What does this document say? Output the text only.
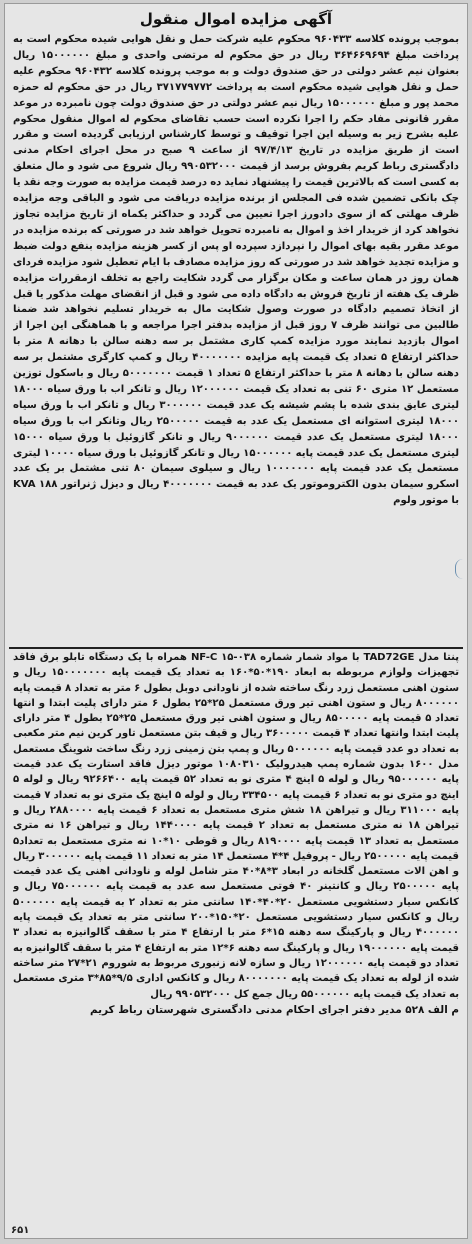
آگهی مزایده اموال منقول

بموجب پرونده کلاسه ۹۶۰۴۳۳ محکوم علیه شرکت حمل و نقل هوایی شیده محکوم است به پرداخت مبلغ ۳۶۴۶۶۹۶۹۴ ریال در حق محکوم له مرتضی واحدی و مبلغ ۱۵۰۰۰۰۰۰ ریال بعنوان نیم عشر دولتی در حق صندوق دولت و به موجب پرونده کلاسه ۹۶۰۴۳۲ محکوم علیه حمل و نقل هوایی شیده محکوم است به پرداخت ۳۷۱۷۷۹۷۷۲ ریال در حق محکوم له حمزه محمد پور و مبلغ ۱۵۰۰۰۰۰۰ ریال نیم عشر دولتی در حق صندوق دولت چون نامبرده در موعد مقرر قانونی مفاد حکم را اجرا نکرده است حسب تقاضای محکوم له اموال منقول محکوم علیه بشرح زیر به وسیله این اجرا توقیف و توسط کارشناس ارزیابی گردیده است و مقرر است از طریق مزایده در تاریخ ۹۷/۴/۱۳ از ساعت ۹ صبح در محل اجرای احکام مدنی دادگستری رباط کریم بفروش برسد از قیمت ۹۹۰۵۳۲۰۰۰ ریال شروع می شود و مال متعلق به کسی است که بالاترین قیمت را پیشنهاد نماید ده درصد قیمت مزایده به صورت وجه نقد یا چک بانکی تضمین شده فی المجلس از برنده مزایده دریافت می شود و الباقی وجه مزایده ظرف مهلتی که از سوی دادورز اجرا تعیین می گردد و حداکثر یکماه از تاریخ مزایده تجاوز نخواهد کرد از خریدار اخذ و اموال به نامبرده تحویل خواهد شد در صورتی که برنده مزایده در موعد مقرر بقیه بهای اموال را نپردازد سپرده او پس از کسر هزینه مزایده بنفع دولت ضبط و مزایده تجدید خواهد شد در صورتی که روز مزایده مصادف با ایام تعطیل شود مزایده فردای همان روز در همان ساعت و مکان برگزار می گردد شکایت راجع به تخلف ازمقررات مزایده ظرف یک هفته از تاریخ فروش به دادگاه داده می شود و قبل از انقضای مهلت مذکور یا قبل از اتخاذ تصمیم دادگاه در صورت وصول شکایت مال به خریدار تسلیم نخواهد شد ضمنا طالبین می توانند ظرف ۷ روز قبل از مزایده بدفتر اجرا مراجعه و با هماهنگی این اجرا از اموال بازدید نمایند مورد مزایده کمپ کاری مشتمل بر سه دهنه سالن با دهانه ۸ متر با حداکثر ارتفاع ۵ تعداد یک قیمت پایه مزایده ۴۰۰۰۰۰۰۰ ریال و کمپ کارگری مشتمل بر سه دهنه سالن با دهانه ۸ متر با حداکثر ارتفاع ۵ تعداد ۱ قیمت ۵۰۰۰۰۰۰۰ ریال و باسکول توزین مستعمل ۱۲ متری ۶۰ تنی به تعداد یک قیمت ۱۲۰۰۰۰۰۰ ریال و تانکر اب با ورق سیاه ۱۸۰۰۰ لیتری عایق بندی شده با پشم شیشه یک عدد قیمت ۳۰۰۰۰۰۰ ریال و تانکر اب با ورق سیاه ۱۸۰۰۰ لیتری استوانه ای مستعمل یک عدد به قیمت ۲۵۰۰۰۰۰ ریال وتانکر اب با ورق سیاه ۱۸۰۰۰ لیتری مستعمل یک عدد قیمت ۹۰۰۰۰۰۰ ریال و تانکر گازوئیل با ورق سیاه ۱۵۰۰۰ لیتری مستعمل یک عدد قیمت پایه ۱۵۰۰۰۰۰۰ ریال و تانکر گازوئیل با ورق سیاه ۱۰۰۰۰ لیتری مستعمل یک عدد قیمت پایه ۱۰۰۰۰۰۰۰ ریال و سیلوی سیمان ۸۰ تنی مشتمل بر یک عدد اسکرو سیمان بدون الکتروموتور یک عدد به قیمت ۴۰۰۰۰۰۰۰ ریال و دیزل ژنراتور KVA ۱۸۸ با موتور ولوم

پنتا مدل TAD72GE با مواد شمار شماره ۰۳۸-NF-C ۱۵ همراه با یک دستگاه تابلو برق فاقد تجهیزات ولوازم مربوطه به ابعاد ۱۹۰*۵۰*۱۶۰ به تعداد یک قیمت پایه ۱۵۰۰۰۰۰۰۰ ریال و ستون اهنی مستعمل زرد رنگ ساخته شده از ناودانی دوبل بطول ۶ متر به تعداد ۸ قیمت پایه ۸۰۰۰۰۰۰ ریال و ستون اهنی تیر ورق مستعمل ۲۵*۲۵ بطول ۶ متر دارای پلیت ابتدا و انتها تعداد ۵ قیمت پایه ۸۵۰۰۰۰۰ ریال و ستون اهنی تیر ورق مستعمل ۲۵*۲۵ بطول ۴ متر دارای پلیت ابتدا وانتها تعداد ۴ قیمت ۳۶۰۰۰۰۰ ریال و قیف بتن مستعمل تاور کرین نیم متر مکعبی به تعداد دو عدد قیمت پایه ۵۰۰۰۰۰۰ ریال و پمپ بتن زمینی زرد رنگ ساخت شوینگ مستعمل مدل ۱۶۰۰ بدون شماره پمپ هیدرولیک ۱۰۸۰۳۱۰ موتور دیزل فاقد استارت یک عدد قیمت پایه ۹۵۰۰۰۰۰۰ ریال و لوله ۵ اینچ ۴ متری نو به تعداد ۵۲ قیمت پایه ۹۲۶۶۴۰۰ ریال و لوله ۵ اینچ دو متری نو به تعداد ۶ قیمت پایه ۳۳۴۵۰۰ ریال و لوله ۵ اینچ یک متری نو به تعداد ۷ قیمت پایه ۳۱۱۰۰۰ ریال و تیراهن ۱۸ شش متری مستعمل به تعداد ۶ قیمت پایه ۲۸۸۰۰۰۰ ریال و تیراهن ۱۸ نه متری مستعمل به تعداد ۲ قیمت پایه ۱۴۴۰۰۰۰ ریال و تیراهن ۱۶ نه متری مستعمل به تعداد ۱۳ قیمت پایه ۸۱۹۰۰۰۰ ریال و قوطی ۱۰*۱۰ نه متری مستعمل به تعداد۵ قیمت پایه ۲۵۰۰۰۰۰ ریال - پروفیل ۴*۴ مستعمل ۱۴ متر به تعداد ۱۱ قیمت پایه ۳۰۰۰۰۰۰ ریال و اهن الات مستعمل گلخانه در ابعاد ۳*۸*۴۰ متر شامل لوله و ناودانی اهنی یک عدد قیمت پایه ۲۵۰۰۰۰۰ ریال و کانتینر ۴۰ فوتی مستعمل سه عدد به قیمت پایه ۷۵۰۰۰۰۰۰ ریال و کانکس سیار دستشویی مستعمل ۲۰*۴۰*۱۴۰ سانتی متر به تعداد ۲ به قیمت پایه ۵۰۰۰۰۰۰ ریال و کانکس سیار دستشویی مستعمل ۲۰*۱۵۰*۲۰۰ سانتی متر به تعداد یک قیمت پایه ۴۰۰۰۰۰۰ ریال و پارکینگ سه دهنه ۱۵*۶ متر با ارتفاع ۴ متر با سقف گالوانیزه به تعداد ۳ قیمت پایه ۱۹۰۰۰۰۰۰ ریال و پارکینگ سه دهنه ۶*۱۲ متر به ارتفاع ۴ متر با سقف گالوانیزه به تعداد دو قیمت پایه ۱۲۰۰۰۰۰۰ ریال و سازه لانه زنبوری مربوط به شوروم ۲۱*۲۷ متر ساخته شده از لوله به تعداد یک قیمت پایه ۸۰۰۰۰۰۰۰ ریال و کانکس اداری ۹/۵*۸۵*۳ متری مستعمل به تعداد یک قیمت پایه ۵۵۰۰۰۰۰۰ ریال جمع کل ۹۹۰۵۳۲۰۰۰ ریال

م الف ۵۲۸ مدیر دفتر اجرای احکام مدنی دادگستری شهرستان رباط کریم
۶۵۱
